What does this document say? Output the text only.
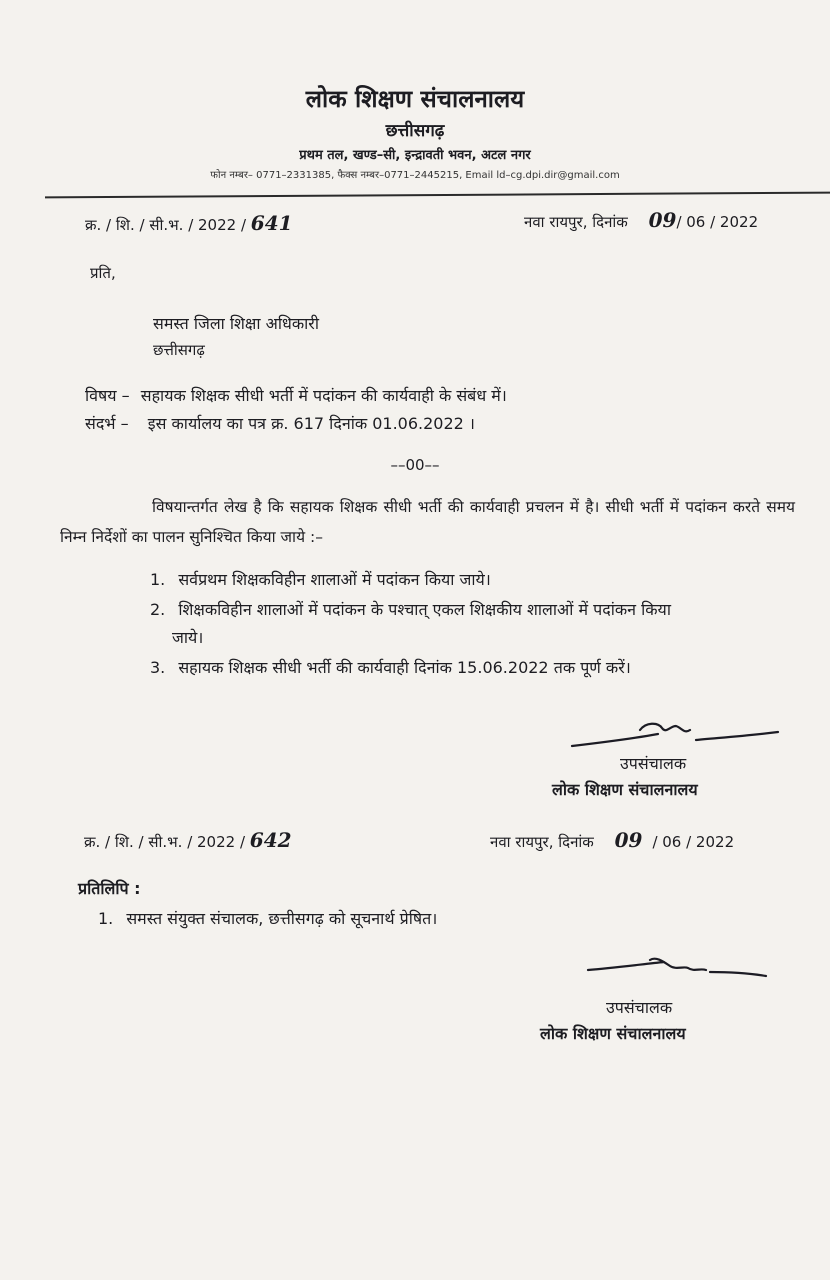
लोक शिक्षण संचालनालय
छत्तीसगढ़
प्रथम तल, खण्ड–सी, इन्द्रावती भवन, अटल नगर
फोन नम्बर– 0771–2331385, फैक्स नम्बर–0771–2445215, Email ld–cg.dpi.dir@gmail.com
क्र. / शि. / सी.भ. / 2022 / 641	नवा रायपुर, दिनांक 09/ 06 / 2022
प्रति,
समस्त जिला शिक्षा अधिकारी
छत्तीसगढ़
विषय – सहायक शिक्षक सीधी भर्ती में पदांकन की कार्यवाही के संबंध में।
संदर्भ – इस कार्यालय का पत्र क्र. 617 दिनांक 01.06.2022 ।
––00––
विषयान्तर्गत लेख है कि सहायक शिक्षक सीधी भर्ती की कार्यवाही प्रचलन में है। सीधी भर्ती में पदांकन करते समय निम्न निर्देशों का पालन सुनिश्चित किया जाये :–
1. सर्वप्रथम शिक्षकविहीन शालाओं में पदांकन किया जाये।
2. शिक्षकविहीन शालाओं में पदांकन के पश्चात् एकल शिक्षकीय शालाओं में पदांकन किया
जाये।
3. सहायक शिक्षक सीधी भर्ती की कार्यवाही दिनांक 15.06.2022 तक पूर्ण करें।
उपसंचालक
लोक शिक्षण संचालनालय
क्र. / शि. / सी.भ. / 2022 / 642	नवा रायपुर, दिनांक 09 / 06 / 2022
प्रतिलिपि :
1. समस्त संयुक्त संचालक, छत्तीसगढ़ को सूचनार्थ प्रेषित।
उपसंचालक
लोक शिक्षण संचालनालय
